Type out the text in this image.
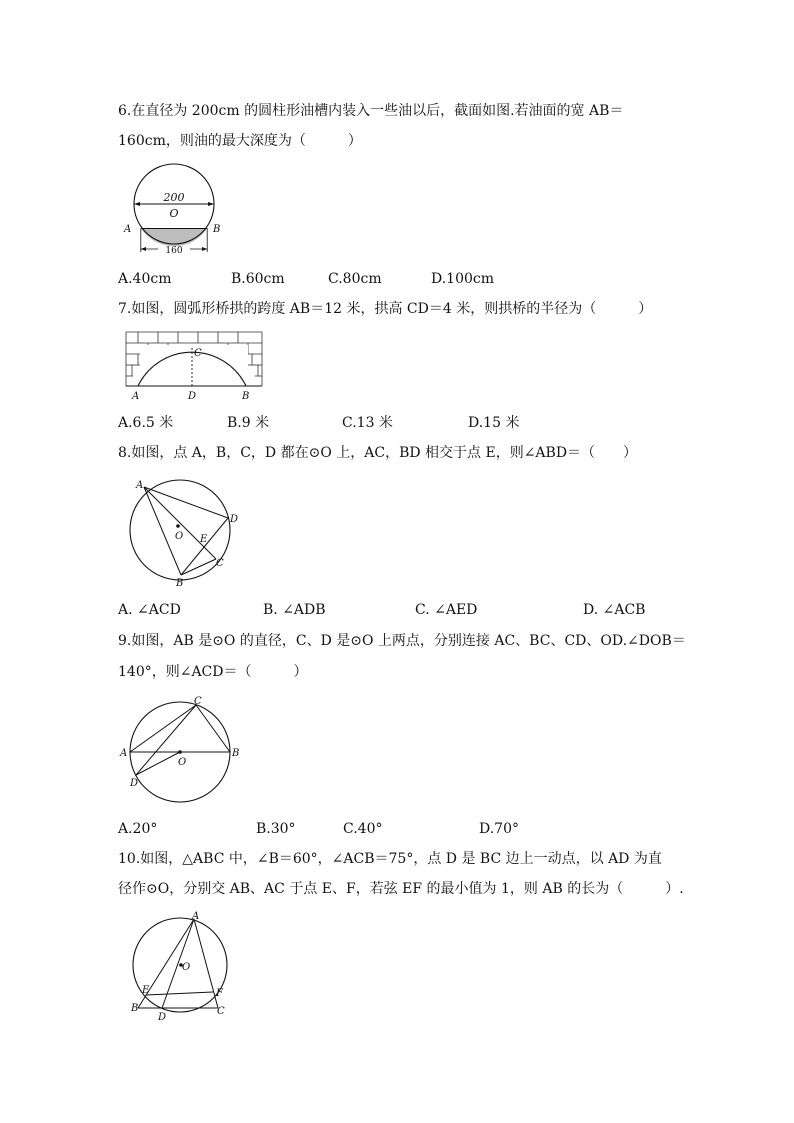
6.在直径为 200cm 的圆柱形油槽内装入一些油以后，截面如图.若油面的宽 AB＝
160cm，则油的最大深度为（　　　）
200
O
A	B
160
A.40cm	B.60cm	C.80cm	D.100cm
7.如图，圆弧形桥拱的跨度 AB＝12 米，拱高 CD＝4 米，则拱桥的半径为（　　　）
C
A	D	B
A.6.5 米	B.9 米	C.13 米	D.15 米
8.如图，点 A，B，C，D 都在⊙O 上，AC，BD 相交于点 E，则∠ABD＝（　　）
A
O E
D
C
B
A. ∠ACD	B. ∠ADB	C. ∠AED	D. ∠ACB
9.如图，AB 是⊙O 的直径，C、D 是⊙O 上两点，分别连接 AC、BC、CD、OD.∠DOB＝
140°，则∠ACD＝（　　　）
C
A
O
B
D
A.20°	B.30°	C.40°	D.70°
10.如图，△ABC 中，∠B＝60°，∠ACB＝75°，点 D 是 BC 边上一动点，以 AD 为直
径作⊙O，分别交 AB、AC 于点 E、F，若弦 EF 的最小值为 1，则 AB 的长为（　　　）.
A
O
E	F
B
D
C
